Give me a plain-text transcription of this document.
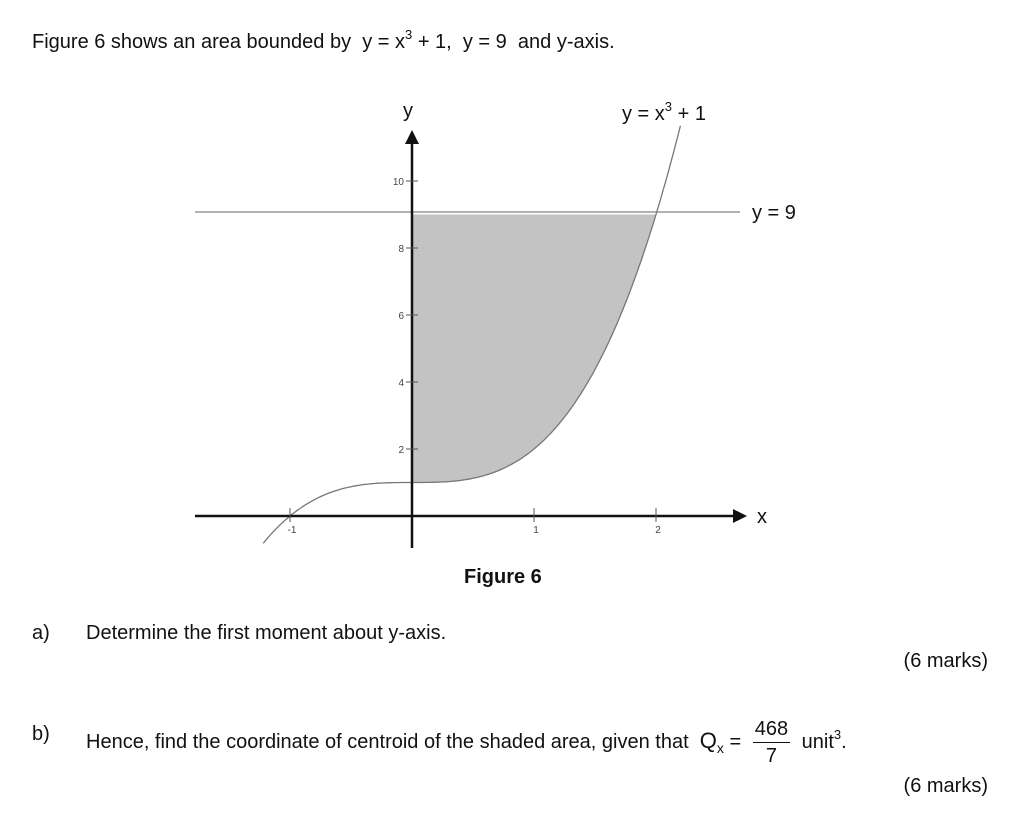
2
4
6
8
10
-1	1	2
y
x
y = 9
$y = x^3 + 1$
Figure 6 shows an area bounded by $y = x^3 + 1$, y = 9 and y-axis.
Figure 6
a) Determine the first moment about y-axis.
(6 marks)
b) Hence, find the coordinate of centroid of the shaded area, given that $Q_x = \frac{468}{7}$ unit$^3$.
(6 marks)
